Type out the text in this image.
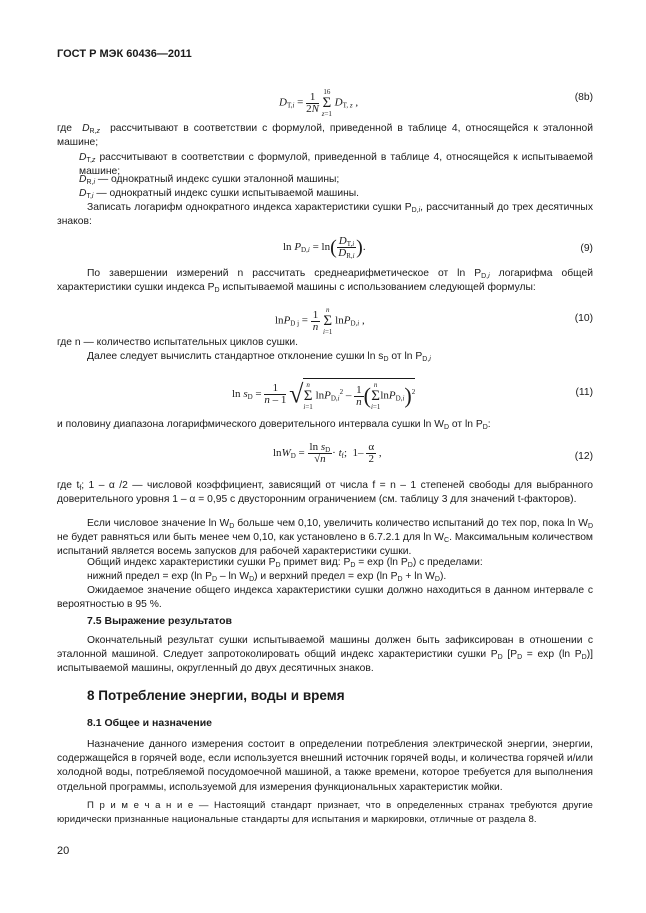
ГОСТ Р МЭК 60436—2011
$D_{T,i} = \frac{1}{2N} 16$
Σ
z=1 $D_{T, z}$ ,	(8b)
где  $D_{R,z}$ рассчитывают в соответствии с формулой, приведенной в таблице 4, относящейся к эталонной машине;
$D_{T,z}$ рассчитывают в соответствии с формулой, приведенной в таблице 4, относящейся к испытываемой машине;
$D_{R,i}$ — однократный индекс сушки эталонной машины;
$D_{T,i}$ — однократный индекс сушки испытываемой машины.
Записать логарифм однократного индекса характеристики сушки $P_{D,i}$, рассчитанный до трех десятичных знаков:
$\ln P_{D,i} = \ln( \frac{D_{T,i}}{D_{R,i}}$ ).	(9)
По завершении измерений n рассчитать среднеарифметическое от $\ln P_{D,i}$ логарифма общей характеристики сушки индекса $P_D$ испытываемой машины с использованием следующей формулы:
$\ln P_{D j} = \frac{1}{n}$ n
Σ
i=1 lnP$_{D,i}$ ,	(10)
где n — количество испытательных циклов сушки.
Далее следует вычислить стандартное отклонение сушки $\ln s_D$ от $\ln P_{D,i}$
$\ln s_D = \frac{1}{n - 1}$ √ n
Σ
i=1 $\ln P_{D,i}^2 - \frac{1}{n}$ ( n
Σ
i=1lnP$_{D,i}$)$^2$	(11)
и половину диапазона логарифмического доверительного интервала сушки $\ln W_D$ от $\ln P_D$:
$\ln W_D = \frac{\ln s_D}{√n} \cdot t_f$;  $1- \frac{\alpha}{2}$ ,	(12)
где $t_f$; 1 – α /2 — числовой коэффициент, зависящий от числа f = n – 1 степеней свободы для выбранного доверительного уровня 1 – α = 0,95 с двусторонним ограничением (см. таблицу 3 для значений t-факторов).
Если числовое значение $\ln W_D$ больше чем 0,10, увеличить количество испытаний до тех пор, пока $\ln W_D$ не будет равняться или быть менее чем 0,10, как установлено в 6.7.2.1 для $\ln W_C$. Максимальным количеством испытаний является восемь запусков для рабочей характеристики сушки.
Общий индекс характеристики сушки $P_D$ примет вид: $P_D = \exp (\ln$ $P_D$) с пределами:
нижний предел = exp (ln $P_D$ – $\ln W_D$) и верхний предел = exp (ln $P_D + \ln W_D$).
Ожидаемое значение общего индекса характеристики сушки должно находиться в данном интервале с вероятностью в 95 %.
7.5 Выражение результатов
Окончательный результат сушки испытываемой машины должен быть зафиксирован в отношении с эталонной машиной. Следует запротоколировать общий индекс характеристики сушки $P_D$ [$P_D = \exp (\ln$ $P_D$)] испытываемой машины, округленный до двух десятичных знаков.
8 Потребление энергии, воды и время
8.1 Общее и назначение
Назначение данного измерения состоит в определении потребления электрической энергии, энергии, содержащейся в горячей воде, если используется внешний источник горячей воды, и количества горячей и/или холодной воды, потребляемой посудомоечной машиной, а также времени, которое требуется для выполнения отдельной программы, используемой для измерения функциональных характеристик мойки.
П р и м е ч а н и е — Настоящий стандарт признает, что в определенных странах требуются другие юридически признанные национальные стандарты для испытания и маркировки, отличные от раздела 8.
20
